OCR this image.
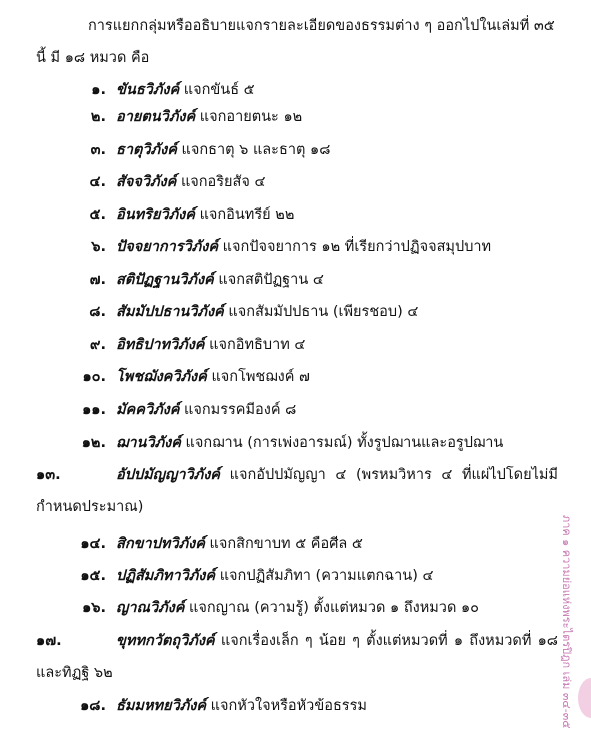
การแยกกลุ่มหรืออธิบายแจกรายละเอียดของธรรมต่าง ๆ ออกไปในเล่มที่ ๓๕
นี้ มี ๑๘ หมวด คือ
๑. ขันธวิภังค์ แจกขันธ์ ๕
๒. อายตนวิภังค์ แจกอายตนะ ๑๒
๓. ธาตุวิภังค์ แจกธาตุ ๖ และธาตุ ๑๘
๔. สัจจวิภังค์ แจกอริยสัจ ๔
๕. อินทริยวิภังค์ แจกอินทรีย์ ๒๒
๖. ปัจจยาการวิภังค์ แจกปัจจยาการ ๑๒ ที่เรียกว่าปฏิจจสมุปบาท
๗. สติปัฏฐานวิภังค์ แจกสติปัฏฐาน ๔
๘. สัมมัปปธานวิภังค์ แจกสัมมัปปธาน (เพียรชอบ) ๔
๙. อิทธิปาทวิภังค์ แจกอิทธิบาท ๔
๑๐. โพชฌังควิภังค์ แจกโพชฌงค์ ๗
๑๑. มัคควิภังค์ แจกมรรคมีองค์ ๘
๑๒. ฌานวิภังค์ แจกฌาน (การเพ่งอารมณ์) ทั้งรูปฌานและอรูปฌาน
๑๓.	อัปปมัญญาวิภังค์ แจกอัปปมัญญา ๔ (พรหมวิหาร ๔ ที่แผ่ไปโดยไม่มีกำหนดประมาณ)
๑๔. สิกขาปทวิภังค์ แจกสิกขาบท ๕ คือศีล ๕
๑๕. ปฏิสัมภิทาวิภังค์ แจกปฏิสัมภิทา (ความแตกฉาน) ๔
๑๖. ญาณวิภังค์ แจกญาณ (ความรู้) ตั้งแต่หมวด ๑ ถึงหมวด ๑๐
๑๗.	ขุททกวัตถุวิภังค์ แจกเรื่องเล็ก ๆ น้อย ๆ ตั้งแต่หมวดที่ ๑ ถึงหมวดที่ ๑๘ และทิฏฐิ ๖๒
๑๘. ธัมมหทยวิภังค์ แจกหัวใจหรือหัวข้อธรรม	ภาค ๑ ความย่อแห่งพระไตรปิฎก เล่ม ๓๔-๓๕
